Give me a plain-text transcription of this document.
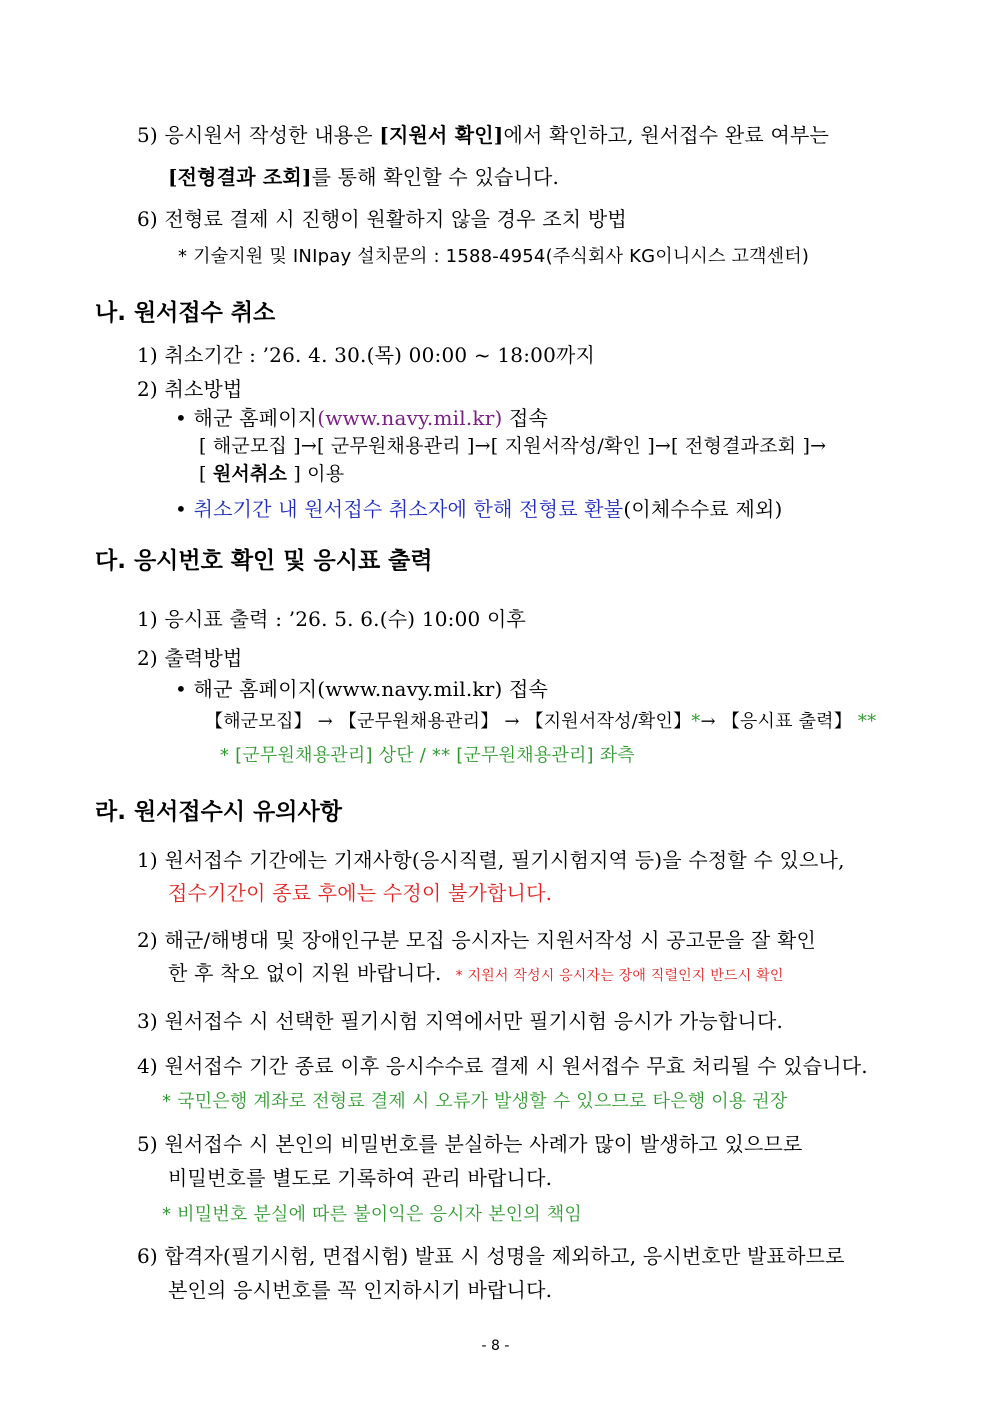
5) 응시원서 작성한 내용은 [지원서 확인]에서 확인하고, 원서접수 완료 여부는
[전형결과 조회]를 통해 확인할 수 있습니다.
6) 전형료 결제 시 진행이 원활하지 않을 경우 조치 방법
* 기술지원 및 INIpay 설치문의 : 1588-4954(주식회사 KG이니시스 고객센터)
나. 원서접수 취소
1) 취소기간 : ’26. 4. 30.(목) 00:00 ~ 18:00까지
2) 취소방법
• 해군 홈페이지(www.navy.mil.kr) 접속
[ 해군모집 ]→[ 군무원채용관리 ]→[ 지원서작성/확인 ]→[ 전형결과조회 ]→
[ 원서취소 ] 이용
• 취소기간 내 원서접수 취소자에 한해 전형료 환불(이체수수료 제외)
다. 응시번호 확인 및 응시표 출력
1) 응시표 출력 : ’26. 5. 6.(수) 10:00 이후
2) 출력방법
• 해군 홈페이지(www.navy.mil.kr) 접속
【해군모집】 → 【군무원채용관리】 → 【지원서작성/확인】*→ 【응시표 출력】 **
* [군무원채용관리] 상단 / ** [군무원채용관리] 좌측
라. 원서접수시 유의사항
1) 원서접수 기간에는 기재사항(응시직렬, 필기시험지역 등)을 수정할 수 있으나,
접수기간이 종료 후에는 수정이 불가합니다.
2) 해군/해병대 및 장애인구분 모집 응시자는 지원서작성 시 공고문을 잘 확인
한 후 착오 없이 지원 바랍니다. * 지원서 작성시 응시자는 장애 직렬인지 반드시 확인
3) 원서접수 시 선택한 필기시험 지역에서만 필기시험 응시가 가능합니다.
4) 원서접수 기간 종료 이후 응시수수료 결제 시 원서접수 무효 처리될 수 있습니다.
* 국민은행 계좌로 전형료 결제 시 오류가 발생할 수 있으므로 타은행 이용 권장
5) 원서접수 시 본인의 비밀번호를 분실하는 사례가 많이 발생하고 있으므로
비밀번호를 별도로 기록하여 관리 바랍니다.
* 비밀번호 분실에 따른 불이익은 응시자 본인의 책임
6) 합격자(필기시험, 면접시험) 발표 시 성명을 제외하고, 응시번호만 발표하므로
본인의 응시번호를 꼭 인지하시기 바랍니다.
- 8 -
